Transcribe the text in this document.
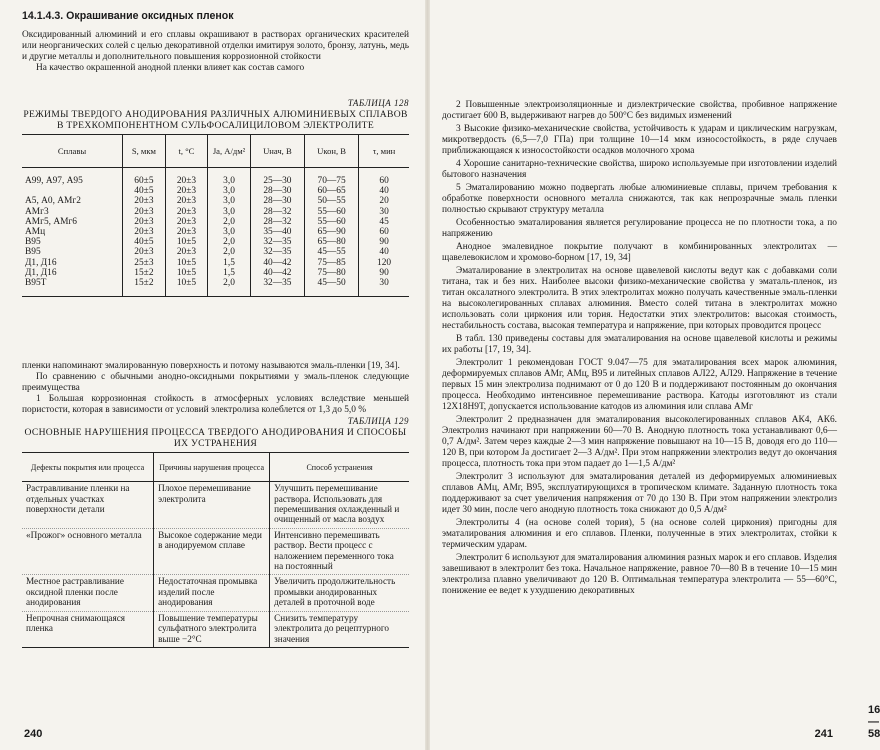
14.1.4.3. Окрашивание оксидных пленок

Оксидированный алюминий и его сплавы окрашивают в растворах органических красителей или неорганических солей с целью декоративной отделки имитируя золото, бронзу, латунь, медь и другие металлы и дополнительного повышения коррозионной стойкости

На качество окрашенной анодной пленки влияет как состав самого

ТАБЛИЦА 128
РЕЖИМЫ ТВЕРДОГО АНОДИРОВАНИЯ РАЗЛИЧНЫХ АЛЮМИНИЕВЫХ СПЛАВОВ В ТРЕХКОМПОНЕНТНОМ СУЛЬФОСАЛИЦИЛОВОМ ЭЛЕКТРОЛИТЕ
Сплавы	S, мкм	t, °C	Jа, А/дм²	Uнач, В	Uкон, В	τ, мин
А99, А97, А95	60±5	20±3	3,0	25—30	70—75	60
	40±5	20±3	3,0	28—30	60—65	40
А5, А0, АМг2	20±3	20±3	3,0	28—30	50—55	20
АМг3	20±3	20±3	3,0	28—32	55—60	30
АМг5, АМг6	20±3	20±3	2,0	28—32	55—60	45
АМц	20±3	20±3	3,0	35—40	65—90	60
В95	40±5	10±5	2,0	32—35	65—80	90
В95	20±3	20±3	2,0	32—35	45—55	40
Д1, Д16	25±3	10±5	1,5	40—42	75—85	120
Д1, Д16	15±2	10±5	1,5	40—42	75—80	90
В95Т	15±2	10±5	2,0	32—35	45—50	30

пленки напоминают эмалированную поверхность и потому называются эмаль-пленки [19, 34].

По сравнению с обычными анодно-оксидными покрытиями у эмаль-пленок следующие преимущества

1 Большая коррозионная стойкость в атмосферных условиях вследствие меньшей пористости, которая в зависимости от условий электролиза колеблется от 1,3 до 5,0 %

ТАБЛИЦА 129
ОСНОВНЫЕ НАРУШЕНИЯ ПРОЦЕССА ТВЕРДОГО АНОДИРОВАНИЯ И СПОСОБЫ ИХ УСТРАНЕНИЯ
Дефекты покрытия или процесса	Причины нарушения процесса	Способ устранения
Растравливание пленки на отдельных участках поверхности детали	Плохое перемешивание электролита	Улучшить перемешивание раствора. Использовать для перемешивания охлажденный и очищенный от масла воздух
«Прожог» основного металла	Высокое содержание меди в анодируемом сплаве	Интенсивно перемешивать раствор. Вести процесс с наложением переменного тока на постоянный
Местное растравливание оксидной пленки после анодирования	Недостаточная промывка изделий после анодирования	Увеличить продолжительность промывки анодированных деталей в проточной воде
Непрочная снимающаяся пленка	Повышение температуры сульфатного электролита выше −2°С	Снизить температуру электролита до рецептурного значения
240

2 Повышенные электроизоляционные и диэлектрические свойства, пробивное напряжение достигает 600 В, выдерживают нагрев до 500°С без видимых изменений

3 Высокие физико-механические свойства, устойчивость к ударам и циклическим нагрузкам, микротвердость (6,5—7,0 ГПа) при толщине 10—14 мкм износостойкость, в ряде случаев приближающаяся к износостойкости осадков молочного хрома

4 Хорошие санитарно-технические свойства, широко используемые при изготовлении изделий бытового назначения

5 Эматалированию можно подвергать любые алюминиевые сплавы, причем требования к обработке поверхности основного металла снижаются, так как непрозрачные эмаль пленки полностью скрывают структуру металла

Особенностью эматалирования является регулирование процесса не по плотности тока, а по напряжению

Анодное эмалевидное покрытие получают в комбинированных электролитах — щавелевокислом и хромово-борном [17, 19, 34]

Эматалирование в электролитах на основе щавелевой кислоты ведут как с добавками соли титана, так и без них. Наиболее высоки физико-механические свойства у эматаль-пленок, из титан оксалатного электролита. В этих электролитах можно получать качественные эмаль-пленки на высоколегированных сплавах алюминия. Вместо солей титана в электролитах можно использовать соли циркония или тория. Недостатки этих электролитов: высокая стоимость, нестабильность состава, высокая температура и напряжение, при которых проводится процесс

В табл. 130 приведены составы для эматалирования на основе щавелевой кислоты и режимы их работы [17, 19, 34].

Электролит 1 рекомендован ГОСТ 9.047—75 для эматалирования всех марок алюминия, деформируемых сплавов АМг, АМц, В95 и литейных сплавов АЛ22, АЛ29. Напряжение в течение первых 15 мин электролиза поднимают от 0 до 120 В и поддерживают постоянным до окончания процесса. Необходимо интенсивное перемешивание раствора. Катоды изготовляют из стали 12Х18Н9Т, допускается использование катодов из алюминия или сплава АМг

Электролит 2 предназначен для эматалирования высоколегированных сплавов АК4, АК6. Электролиз начинают при напряжении 60—70 В. Анодную плотность тока устанавливают 0,6—0,7 А/дм². Затем через каждые 2—3 мин напряжение повышают на 10—15 В, доводя его до 110—120 В, при котором Jа достигает 2—3 А/дм². При этом напряжении электролиз ведут до окончания процесса, плотность тока при этом падает до 1—1,5 А/дм²

Электролит 3 используют для эматалирования деталей из деформируемых алюминиевых сплавов АМц, АМг, В95, эксплуатирующихся в тропическом климате. Заданную плотность тока поддерживают за счет увеличения напряжения от 70 до 130 В. При этом напряжении электролиз идет 30 мин, после чего анодную плотность тока снижают до 0,5 А/дм²

Электролиты 4 (на основе солей тория), 5 (на основе солей циркония) пригодны для эматалирования алюминия и его сплавов. Пленки, полученные в этих электролитах, стойки к термическим ударам.

Электролит 6 используют для эматалирования алюминия разных марок и его сплавов. Изделия завешивают в электролит без тока. Начальное напряжение, равное 70—80 В в течение 10—15 мин электролиза плавно увеличивают до 120 В. Оптимальная температура электролита — 55—60°С, понижение ее ведет к ухудшению декоративных

16—58
241
